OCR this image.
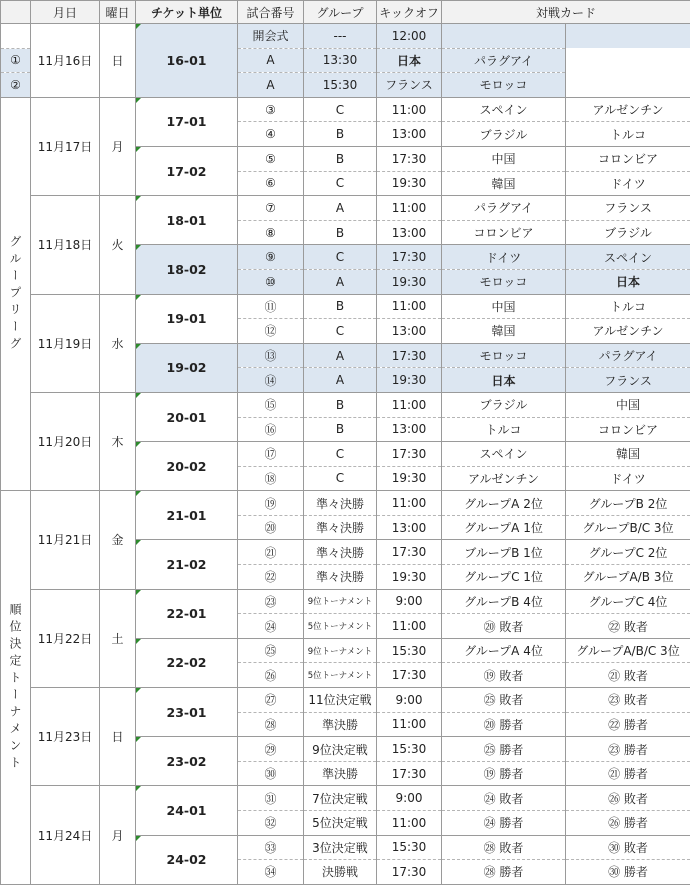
	月日	曜日	チケット単位	試合番号	グループ	キックオフ	対戦カード	
	11月16日	日	16-01	開会式	---	12:00		
①				A	13:30	日本	パラグアイ	
②				A	15:30	フランス	モロッコ	
グループリーグ	11月17日	月	17-01	③	C	11:00	スペイン	アルゼンチン
				④	B	13:00	ブラジル	トルコ
			17-02	⑤	B	17:30	中国	コロンビア
				⑥	C	19:30	韓国	ドイツ
	11月18日	火	18-01	⑦	A	11:00	パラグアイ	フランス
				⑧	B	13:00	コロンビア	ブラジル
			18-02	⑨	C	17:30	ドイツ	スペイン
				⑩	A	19:30	モロッコ	日本
	11月19日	水	19-01	⑪	B	11:00	中国	トルコ
				⑫	C	13:00	韓国	アルゼンチン
			19-02	⑬	A	17:30	モロッコ	パラグアイ
				⑭	A	19:30	日本	フランス
	11月20日	木	20-01	⑮	B	11:00	ブラジル	中国
				⑯	B	13:00	トルコ	コロンビア
			20-02	⑰	C	17:30	スペイン	韓国
				⑱	C	19:30	アルゼンチン	ドイツ
順位決定トーナメント	11月21日	金	21-01	⑲	準々決勝	11:00	グループA 2位	グループB 2位
				⑳	準々決勝	13:00	グループA 1位	グループB/C 3位
			21-02	㉑	準々決勝	17:30	ブループB 1位	グループC 2位
				㉒	準々決勝	19:30	グループC 1位	グループA/B 3位
	11月22日	土	22-01	㉓	9位トーナメント	9:00	グループB 4位	グループC 4位
				㉔	5位トーナメント	11:00	⑳ 敗者	㉒ 敗者
			22-02	㉕	9位トーナメント	15:30	グループA 4位	グループA/B/C 3位
				㉖	5位トーナメント	17:30	⑲ 敗者	㉑ 敗者
	11月23日	日	23-01	㉗	11位決定戦	9:00	㉕ 敗者	㉓ 敗者
				㉘	準決勝	11:00	⑳ 勝者	㉒ 勝者
			23-02	㉙	9位決定戦	15:30	㉕ 勝者	㉓ 勝者
				㉚	準決勝	17:30	⑲ 勝者	㉑ 勝者
	11月24日	月	24-01	㉛	7位決定戦	9:00	㉔ 敗者	㉖ 敗者
				㉜	5位決定戦	11:00	㉔ 勝者	㉖ 勝者
			24-02	㉝	3位決定戦	15:30	㉘ 敗者	㉚ 敗者
				㉞	決勝戦	17:30	㉘ 勝者	㉚ 勝者
